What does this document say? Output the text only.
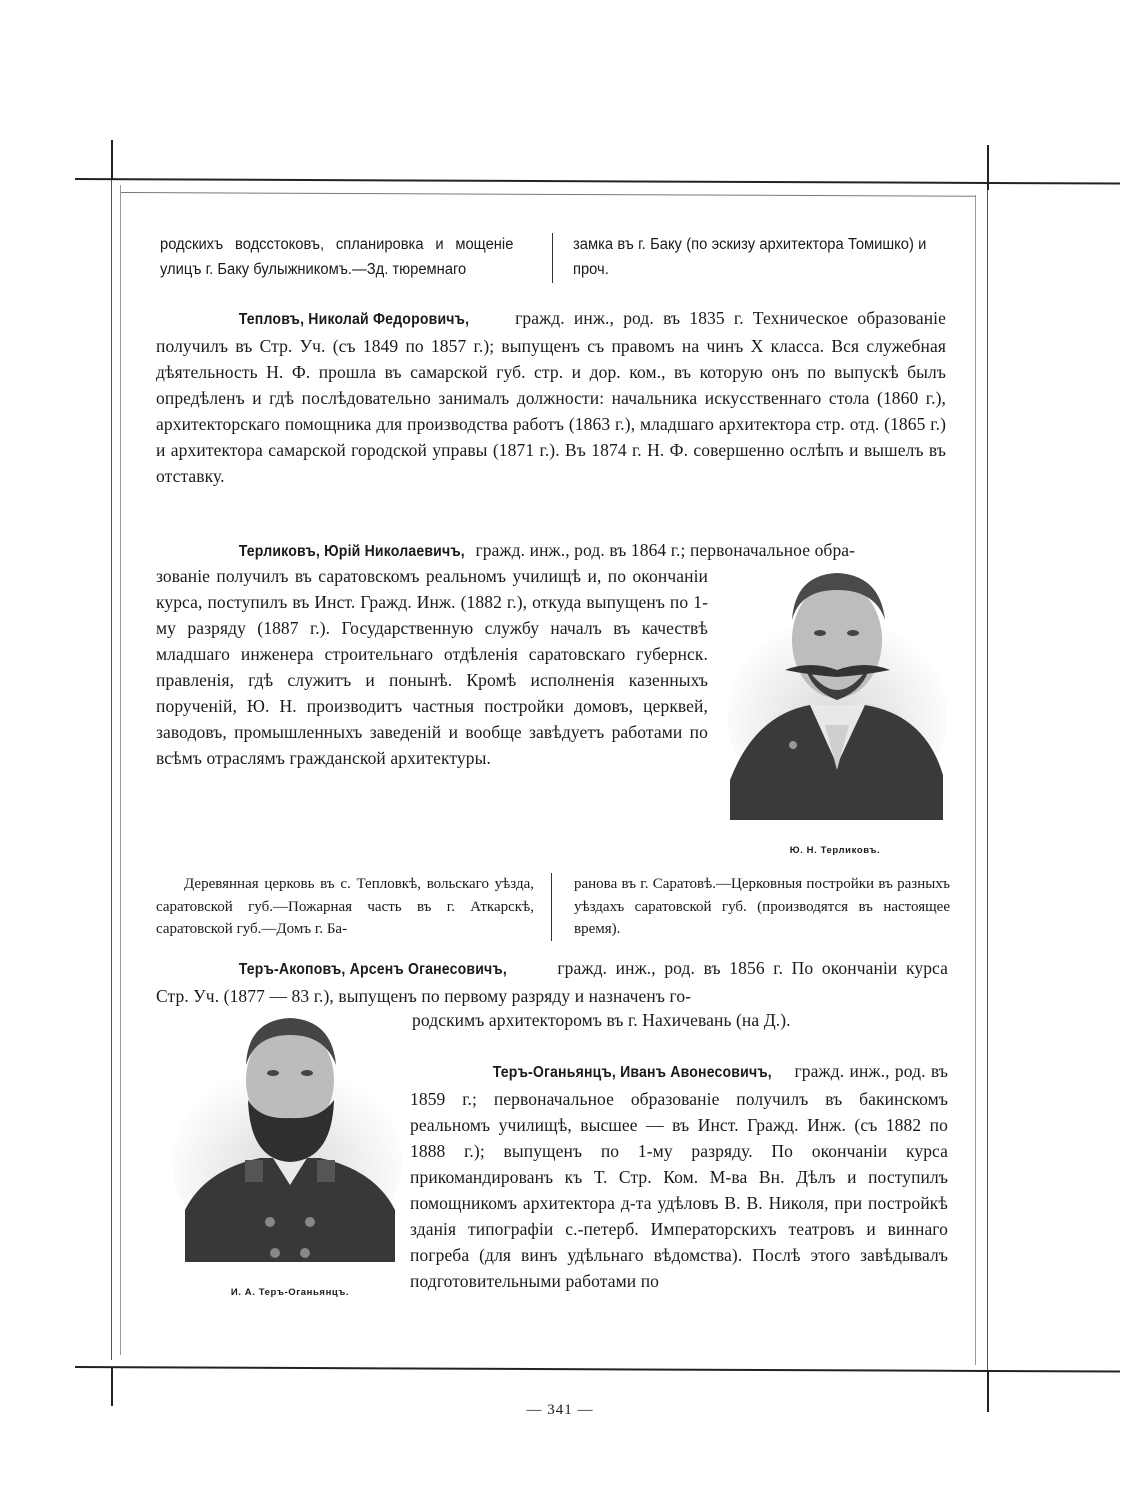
родскихъ водсстоковъ, спланировка и мощеніе улицъ г. Баку булыжникомъ.—Зд. тюремнаго

замка въ г. Баку (по эскизу архитектора Томишко) и проч.

Тепловъ, Николай Федоровичъ, гражд. инж., род. въ 1835 г. Техническое образованіе получилъ въ Стр. Уч. (съ 1849 по 1857 г.); выпущенъ съ правомъ на чинъ X класса. Вся служебная дѣятельность Н. Ф. прошла въ самарской губ. стр. и дор. ком., въ которую онъ по выпускѣ былъ опредѣленъ и гдѣ послѣдовательно занималъ должности: начальника искусственнаго стола (1860 г.), архитекторскаго помощника для производства работъ (1863 г.), младшаго архитектора стр. отд. (1865 г.) и архитектора самарской городской управы (1871 г.). Въ 1874 г. Н. Ф. совершенно ослѣпъ и вышелъ въ отставку.

Терликовъ, Юрій Николаевичъ, гражд. инж., род. въ 1864 г.; первоначальное обра-

зованіе получилъ въ саратовскомъ реальномъ училищѣ и, по окончаніи курса, поступилъ въ Инст. Гражд. Инж. (1882 г.), откуда выпущенъ по 1-му разряду (1887 г.). Государственную службу началъ въ качествѣ младшаго инженера строительнаго отдѣленія саратовскаго губернск. правленія, гдѣ служитъ и понынѣ. Кромѣ исполненія казенныхъ порученій, Ю. Н. производитъ частныя постройки домовъ, церквей, заводовъ, промышленныхъ заведеній и вообще завѣдуетъ работами по всѣмъ отраслямъ гражданской архитектуры.

Ю. Н. Терликовъ.

Деревянная церковь въ с. Тепловкѣ, вольскаго уѣзда, саратовской губ.—Пожарная часть въ г. Аткарскѣ, саратовской губ.—Домъ г. Ба-

ранова въ г. Саратовѣ.—Церковныя постройки въ разныхъ уѣздахъ саратовской губ. (производятся въ настоящее время).

Теръ-Акоповъ, Арсенъ Оганесовичъ, гражд. инж., род. въ 1856 г. По окончаніи курса Стр. Уч. (1877 — 83 г.), выпущенъ по первому разряду и назначенъ го-

родскимъ архитекторомъ въ г. Нахичевань (на Д.).

И. А. Теръ-Оганьянцъ.

Теръ-Оганьянцъ, Иванъ Авонесовичъ, гражд. инж., род. въ 1859 г.; первоначальное образованіе получилъ въ бакинскомъ реальномъ училищѣ, высшее — въ Инст. Гражд. Инж. (съ 1882 по 1888 г.); выпущенъ по 1-му разряду. По окончаніи курса прикомандированъ къ Т. Стр. Ком. М-ва Вн. Дѣлъ и поступилъ помощникомъ архитектора д-та удѣловъ В. В. Николя, при постройкѣ зданія типографіи с.-петерб. Императорскихъ театровъ и виннаго погреба (для винъ удѣльнаго вѣдомства). Послѣ этого завѣдывалъ подготовительными работами по

— 341 —
